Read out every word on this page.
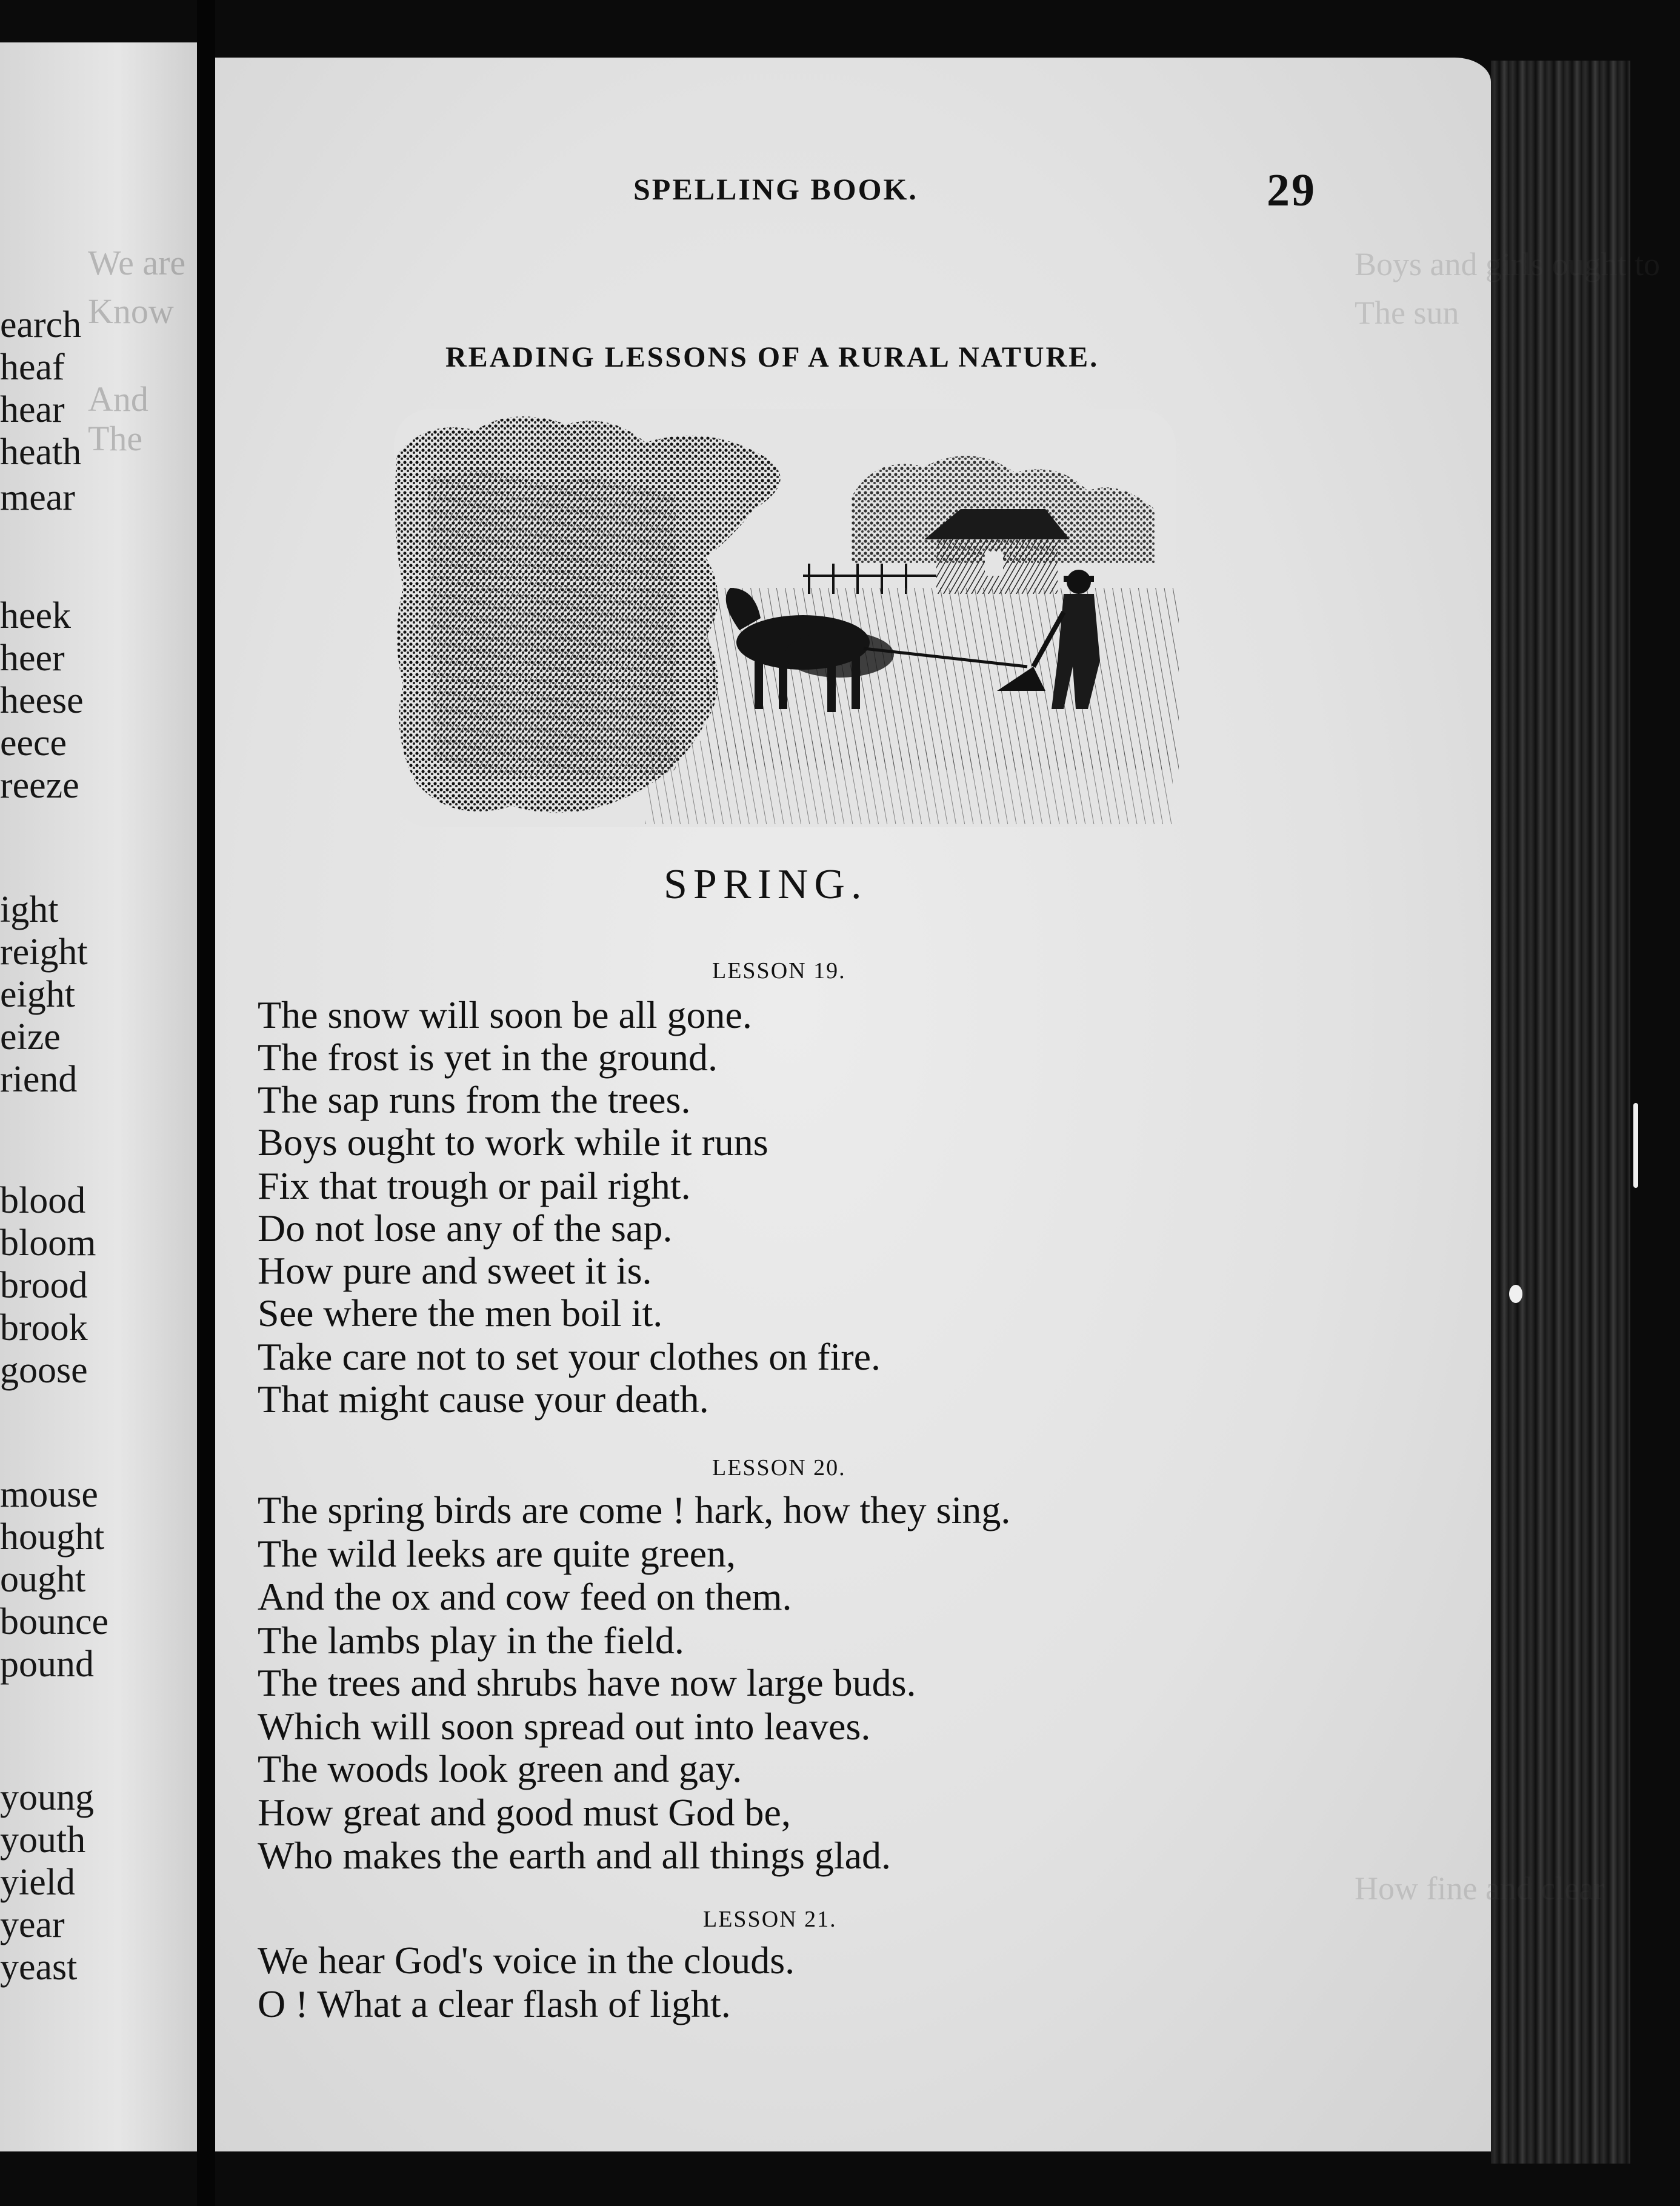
We are
Know
And
The
earch
heaf
hear
heath
mear
heek
heer
heese
eece
reeze
ight
reight
eight
eize
riend
blood
bloom
brood
brook
goose
mouse
hought
ought
bounce
pound
young
youth
yield
year
yeast
Boys and girls ought to
The sun
How fine and clear
SPELLING BOOK.	29
READING LESSONS OF A RURAL NATURE.
SPRING.
LESSON 19.
The snow will soon be all gone.
The frost is yet in the ground.
The sap runs from the trees.
Boys ought to work while it runs
Fix that trough or pail right.
Do not lose any of the sap.
How pure and sweet it is.
See where the men boil it.
Take care not to set your clothes on fire.
That might cause your death.
LESSON 20.
The spring birds are come ! hark, how they sing.
The wild leeks are quite green,
And the ox and cow feed on them.
The lambs play in the field.
The trees and shrubs have now large buds.
Which will soon spread out into leaves.
The woods look green and gay.
How great and good must God be,
Who makes the earth and all things glad.
LESSON 21.
We hear God's voice in the clouds.
O ! What a clear flash of light.
